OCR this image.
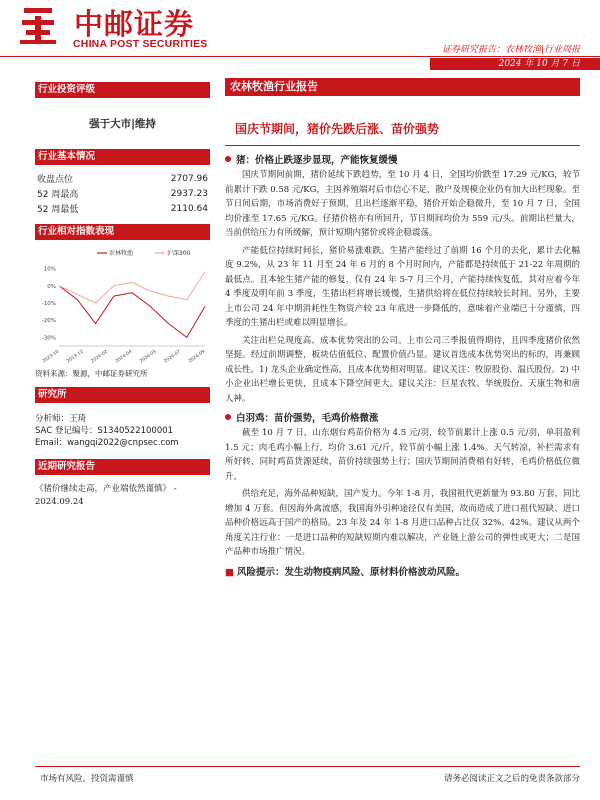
中邮证券
CHINA POST SECURITIES	证券研究报告：农林牧渔|行业周报
2024 年 10 月 7 日
行业投资评级
强于大市|维持
行业基本情况
收盘点位	2707.96
52 周最高	2937.23
52 周最低	2110.64
行业相对指数表现
10%
0%
-10%
-20%
-30%
2023-10 2023-12 2024-02 2024-04 2024-05 2024-07 2024-09
农林牧渔	沪深300
资料来源：聚源，中邮证券研究所
研究所
分析师：王琦
SAC 登记编号：S1340522100001
Email：wangqi2022@cnpsec.com
近期研究报告
《猪价继续走高，产业端依然谨慎》 - 2024.09.24
农林牧渔行业报告
国庆节期间，猪价先跌后涨、苗价强势
猪：价格止跌逐步显现，产能恢复缓慢

国庆节期间前期，猪价延续下跌趋势，至 10 月 4 日，全国均价跌至 17.29 元/KG，较节前累计下跌 0.58 元/KG，主因养殖端对后市信心不足，散户及规模企业仍有加大出栏现象。至节日间后期，市场消费好于预期，且出栏逐渐平稳，猪价开始企稳微升，至 10 月 7 日，全国均价涨至 17.65 元/KG。仔猪价格亦有所回升，节日期间均价为 559 元/头。前期出栏量大，当前供给压力有所缓解，预计短期内猪价或将企稳震荡。

产能低位持续时间长，猪价易涨难跌。生猪产能经过了前期 16 个月的去化，累计去化幅度 9.2%，从 23 年 11 月至 24 年 6 月的 8 个月时间内，产能都是持续低于 21-22 年周期的最低点。且本轮生猪产能的修复，仅有 24 年 5-7 月三个月，产能持续恢复低，其对应着今年 4 季度及明年前 3 季度，生猪出栏将增长缓慢，生猪供给将在低位持续较长时间。另外，主要上市公司 24 年中期消耗性生物资产较 23 年底进一步降低的，意味着产业端已十分谨慎，四季度的生猪出栏或难以明显增长。

关注出栏兑现度高、成本优势突出的公司。上市公司三季报值得期待，且四季度猪价依然坚挺。经过前期调整，板块估值低位、配置价值凸显。建议首选成本优势突出的标的，再兼顾成长性。1) 龙头企业确定性高，且成本优势相对明显。建议关注：牧原股份、温氏股份。2) 中小企业出栏增长更快，且成本下降空间更大。建议关注：巨星农牧、华统股份、天康生物和唐人神。

白羽鸡：苗价强势，毛鸡价格微涨

截至 10 月 7 日，山东烟台鸡苗价格为 4.5 元/羽，较节前累计上涨 0.5 元/羽，单羽盈利 1.5 元；肉毛鸡小幅上行，均价 3.61 元/斤，较节前小幅上涨 1.4%。天气转凉，补栏需求有所好转，同时鸡苗货源延续，苗价持续强势上行；国庆节期间消费稍有好转，毛鸡价格低位微升。

供给充足，海外品种短缺，国产发力。今年 1-8 月，我国祖代更新量为 93.80 万套，同比增加 4 万套。但因海外禽流感，我国海外引种途径仅有美国，故而造成了进口祖代短缺、进口品种价格远高于国产的格局。23 年及 24 年 1-8 月进口品种占比仅 32%、42%。建议从两个角度关注行业：一是进口品种的短缺短期内难以解决，产业链上游公司的弹性或更大；二是国产品种市场推广情况。

■ 风险提示：发生动物疫病风险、原材料价格波动风险。
市场有风险，投资需谨慎	请务必阅读正文之后的免责条款部分
